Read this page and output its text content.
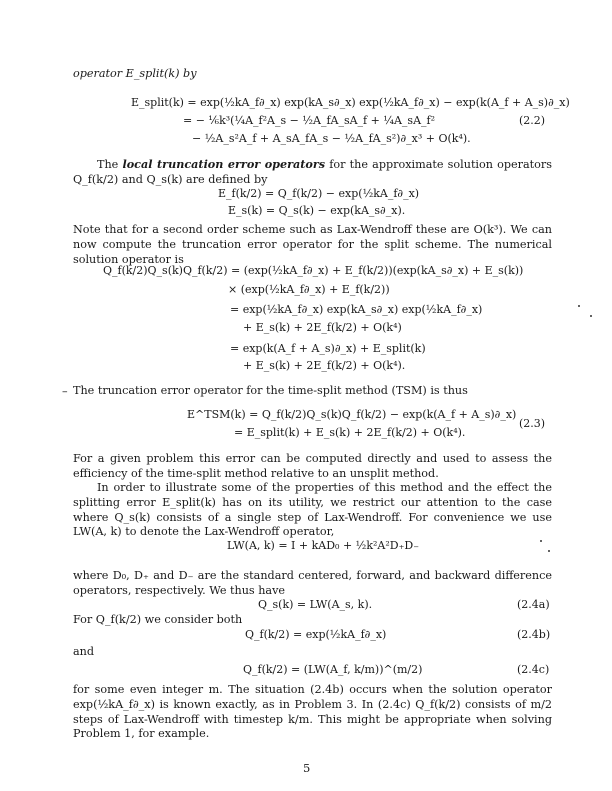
operator E_split(k) by
E_split(k) = exp(½kA_f∂_x) exp(kA_s∂_x) exp(½kA_f∂_x) − exp(k(A_f + A_s)∂_x)
= − ⅙k³(¼A_f²A_s − ½A_fA_sA_f + ¼A_sA_f²
− ½A_s²A_f + A_sA_fA_s − ½A_fA_s²)∂_x³ + O(k⁴).
(2.2)
The local truncation error operators for the approximate solution operators Q_f(k/2) and Q_s(k) are defined by
E_f(k/2) = Q_f(k/2) − exp(½kA_f∂_x)
E_s(k) = Q_s(k) − exp(kA_s∂_x).
Note that for a second order scheme such as Lax-Wendroff these are O(k³). We can now compute the truncation error operator for the split scheme. The numerical solution operator is
Q_f(k/2)Q_s(k)Q_f(k/2) = (exp(½kA_f∂_x) + E_f(k/2))(exp(kA_s∂_x) + E_s(k))
× (exp(½kA_f∂_x) + E_f(k/2))
= exp(½kA_f∂_x) exp(kA_s∂_x) exp(½kA_f∂_x)
+ E_s(k) + 2E_f(k/2) + O(k⁴)
= exp(k(A_f + A_s)∂_x) + E_split(k)
+ E_s(k) + 2E_f(k/2) + O(k⁴).
– The truncation error operator for the time-split method (TSM) is thus
E^TSM(k) = Q_f(k/2)Q_s(k)Q_f(k/2) − exp(k(A_f + A_s)∂_x)
= E_split(k) + E_s(k) + 2E_f(k/2) + O(k⁴).
(2.3)
For a given problem this error can be computed directly and used to assess the efficiency of the time-split method relative to an unsplit method.
In order to illustrate some of the properties of this method and the effect the splitting error E_split(k) has on its utility, we restrict our attention to the case where Q_s(k) consists of a single step of Lax-Wendroff. For convenience we use LW(A, k) to denote the Lax-Wendroff operator,
LW(A, k) = I + kAD₀ + ½k²A²D₊D₋
where D₀, D₊ and D₋ are the standard centered, forward, and backward difference operators, respectively. We thus have
Q_s(k) = LW(A_s, k).	(2.4a)
For Q_f(k/2) we consider both
Q_f(k/2) = exp(½kA_f∂_x)	(2.4b)
and
Q_f(k/2) = (LW(A_f, k/m))^(m/2)	(2.4c)
for some even integer m. The situation (2.4b) occurs when the solution operator exp(½kA_f∂_x) is known exactly, as in Problem 3. In (2.4c) Q_f(k/2) consists of m/2 steps of Lax-Wendroff with timestep k/m. This might be appropriate when solving Problem 1, for example.
5
